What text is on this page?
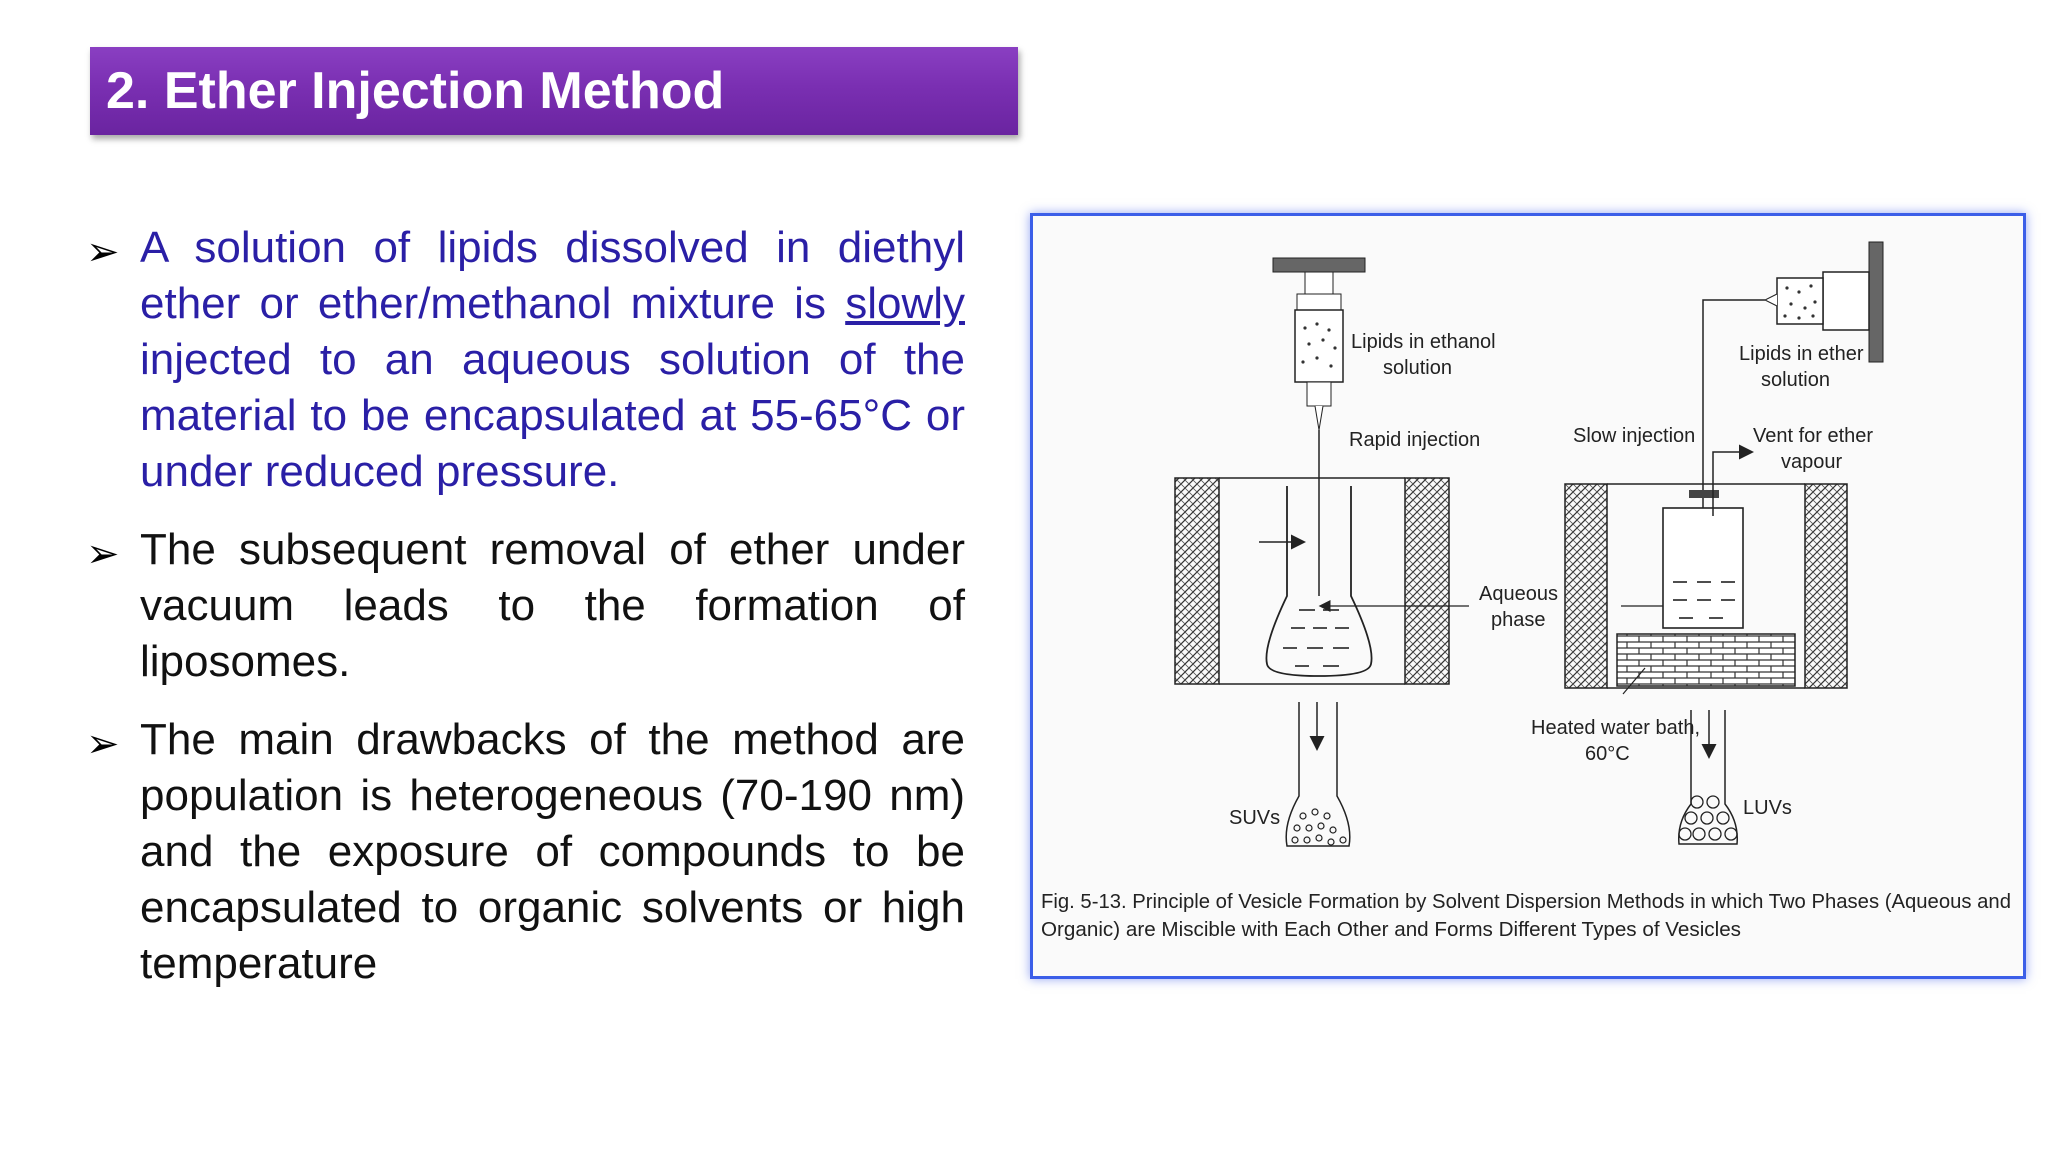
2. Ether Injection Method
➢ A solution of lipids dissolved in diethyl ether or ether/methanol mixture is slowly injected to an aqueous solution of the material to be encapsulated at 55-65°C or under reduced pressure.
➢ The subsequent removal of ether under vacuum leads to the formation of liposomes.
➢ The main drawbacks of the method are population is heterogeneous (70-190 nm) and the exposure of compounds to be encapsulated to organic solvents or high temperature
Lipids in ethanol
solution
Rapid injection
Aqueous
phase
SUVs
Lipids in ether
solution
Slow injection	Vent for ether
vapour
Heated water bath,
60°C
LUVs
Fig. 5-13. Principle of Vesicle Formation by Solvent Dispersion Methods in which Two Phases (Aqueous and
Organic) are Miscible with Each Other and Forms Different Types of Vesicles
